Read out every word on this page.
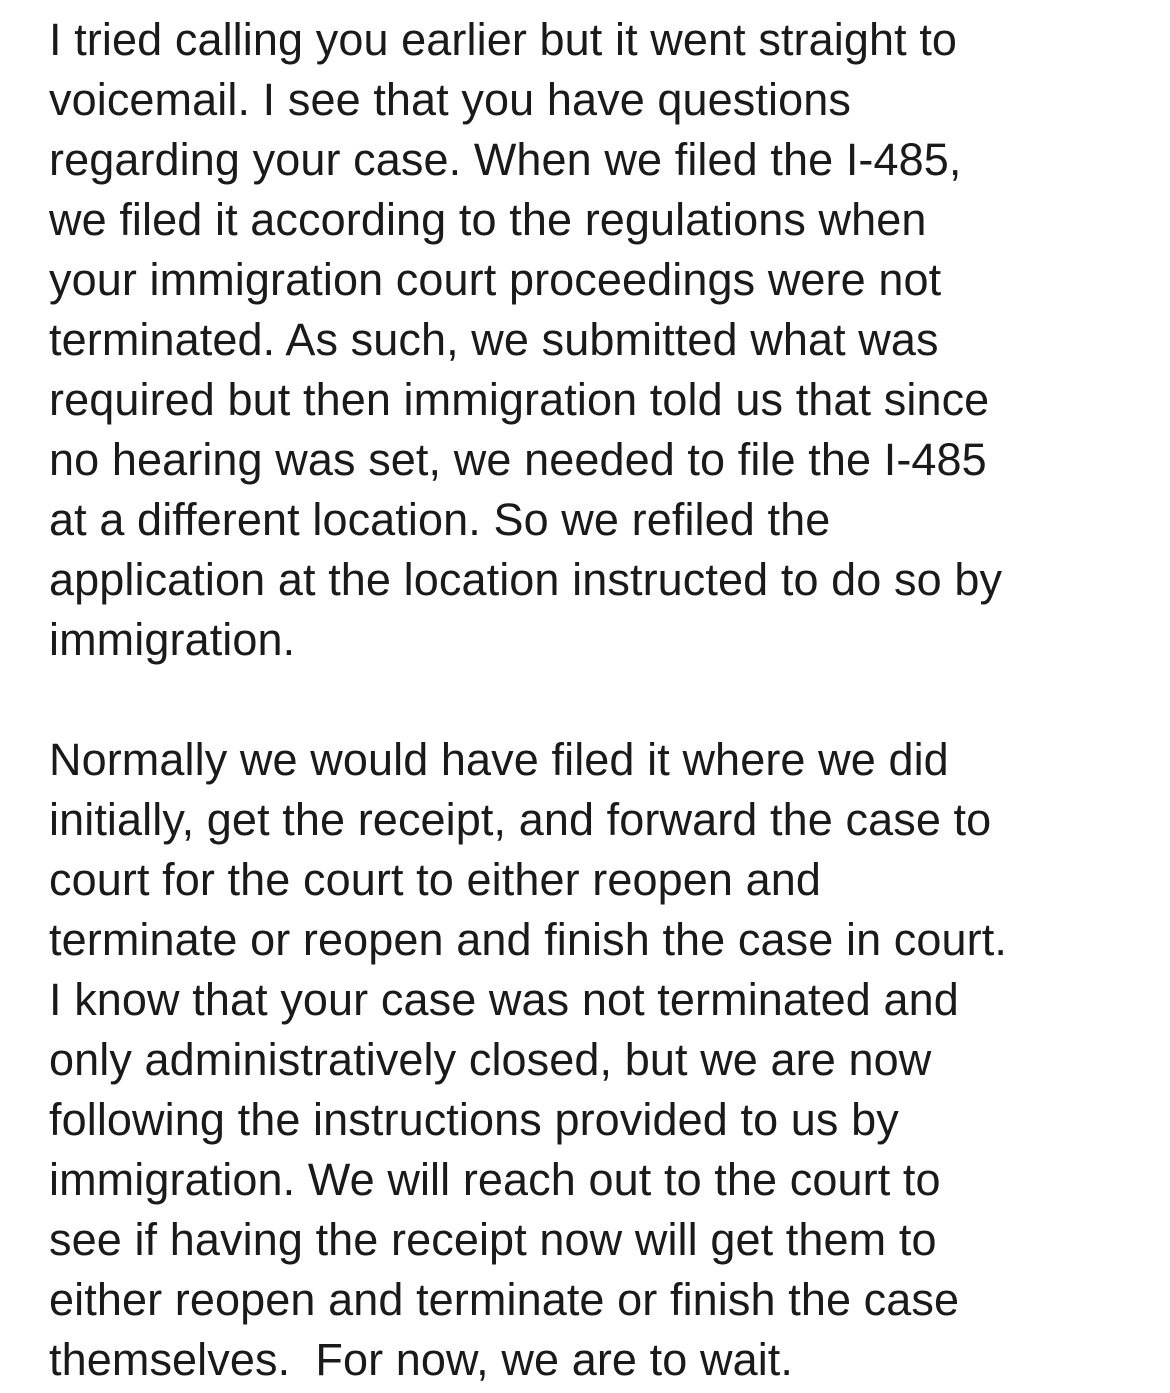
I tried calling you earlier but it went straight to
voicemail. I see that you have questions
regarding your case. When we filed the I-485,
we filed it according to the regulations when
your immigration court proceedings were not
terminated. As such, we submitted what was
required but then immigration told us that since
no hearing was set, we needed to file the I-485
at a different location. So we refiled the
application at the location instructed to do so by
immigration.

Normally we would have filed it where we did
initially, get the receipt, and forward the case to
court for the court to either reopen and
terminate or reopen and finish the case in court.
I know that your case was not terminated and
only administratively closed, but we are now
following the instructions provided to us by
immigration. We will reach out to the court to
see if having the receipt now will get them to
either reopen and terminate or finish the case
themselves.  For now, we are to wait.
